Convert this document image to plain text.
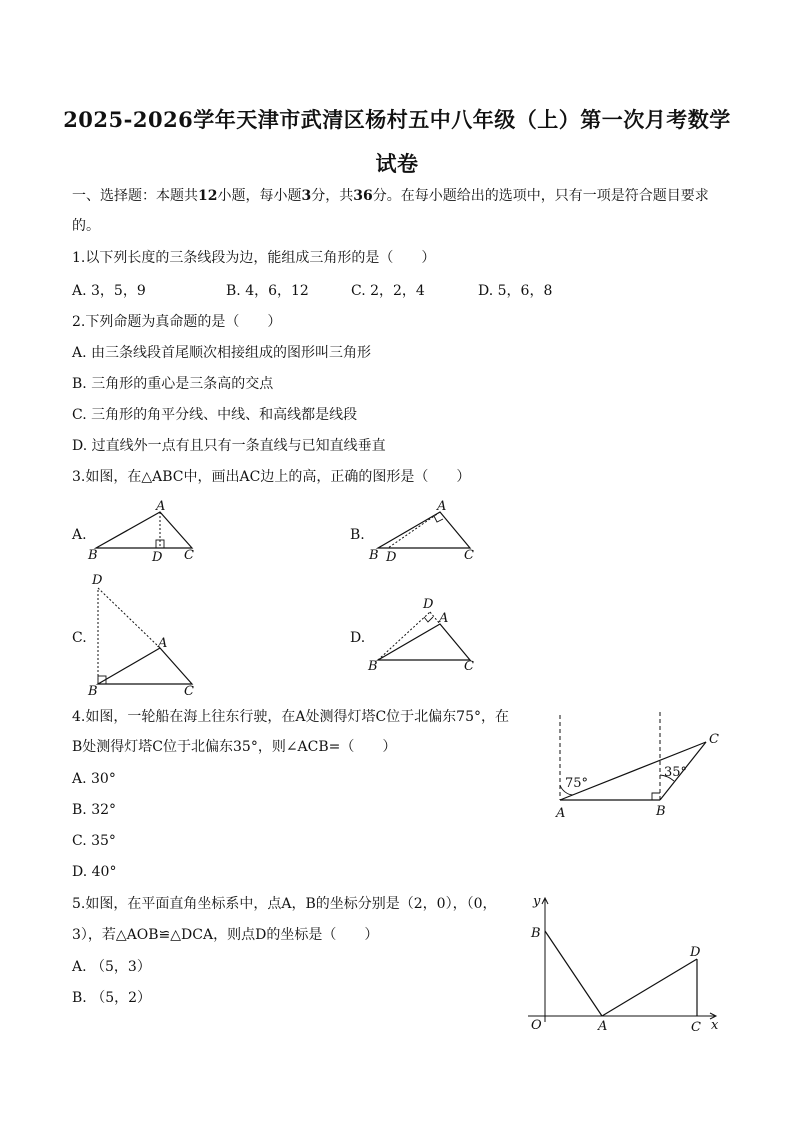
2025-2026学年天津市武清区杨村五中八年级（上）第一次月考数学
试卷
一、选择题：本题共12小题，每小题3分，共36分。在每小题给出的选项中，只有一项是符合题目要求
的。
1.以下列长度的三条线段为边，能组成三角形的是（　　）
A. 3，5，9	B. 4，6，12	C. 2，2，4	D. 5，6，8
2.下列命题为真命题的是（　　）
A. 由三条线段首尾顺次相接组成的图形叫三角形
B. 三角形的重心是三条高的交点
C. 三角形的角平分线、中线、和高线都是线段
D. 过直线外一点有且只有一条直线与已知直线垂直
3.如图，在△ABC中，画出AC边上的高，正确的图形是（　　）
A.
A
B	D C
A
B D	C
D
A
B	C
D
A
B	C
75°
35°
A	B
C
y
B
A
D
C
O	x
B.
C.	D.
4.如图，一轮船在海上往东行驶，在A处测得灯塔C位于北偏东75°，在
B处测得灯塔C位于北偏东35°，则∠ACB=（　　）
A. 30°
B. 32°
C. 35°
D. 40°
5.如图，在平面直角坐标系中，点A，B的坐标分别是（2，0），（0，
3），若△AOB≌△DCA，则点D的坐标是（　　）
A. （5，3）
B. （5，2）
